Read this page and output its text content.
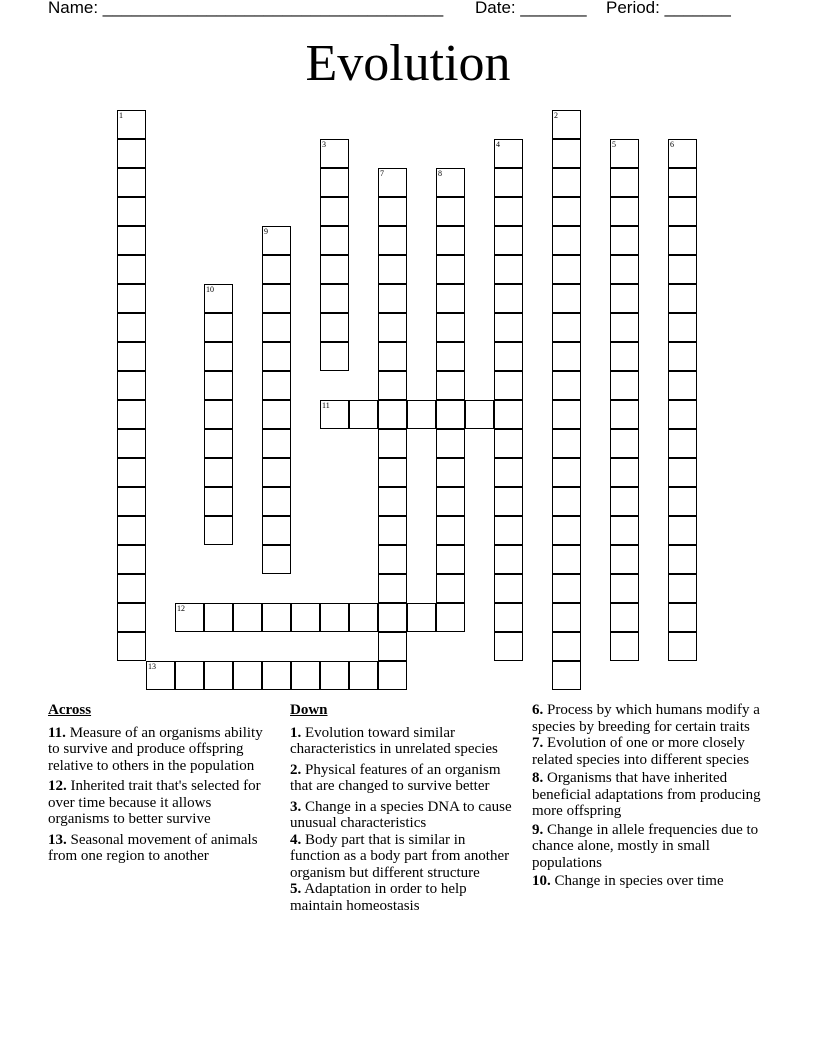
Name: ____________________________________ Date: _______ Period: _______
Evolution
1	2
3	4	5	6
7	8
9
10
11
12
13
Across
11. Measure of an organisms ability to survive and produce offspring relative to others in the population
12. Inherited trait that's selected for over time because it allows organisms to better survive
13. Seasonal movement of animals from one region to another
Down
1. Evolution toward similar characteristics in unrelated species
2. Physical features of an organism that are changed to survive better
3. Change in a species DNA to cause unusual characteristics
4. Body part that is similar in function as a body part from another organism but different structure
5. Adaptation in order to help maintain homeostasis
6. Process by which humans modify a species by breeding for certain traits
7. Evolution of one or more closely related species into different species
8. Organisms that have inherited beneficial adaptations from producing more offspring
9. Change in allele frequencies due to chance alone, mostly in small populations
10. Change in species over time
